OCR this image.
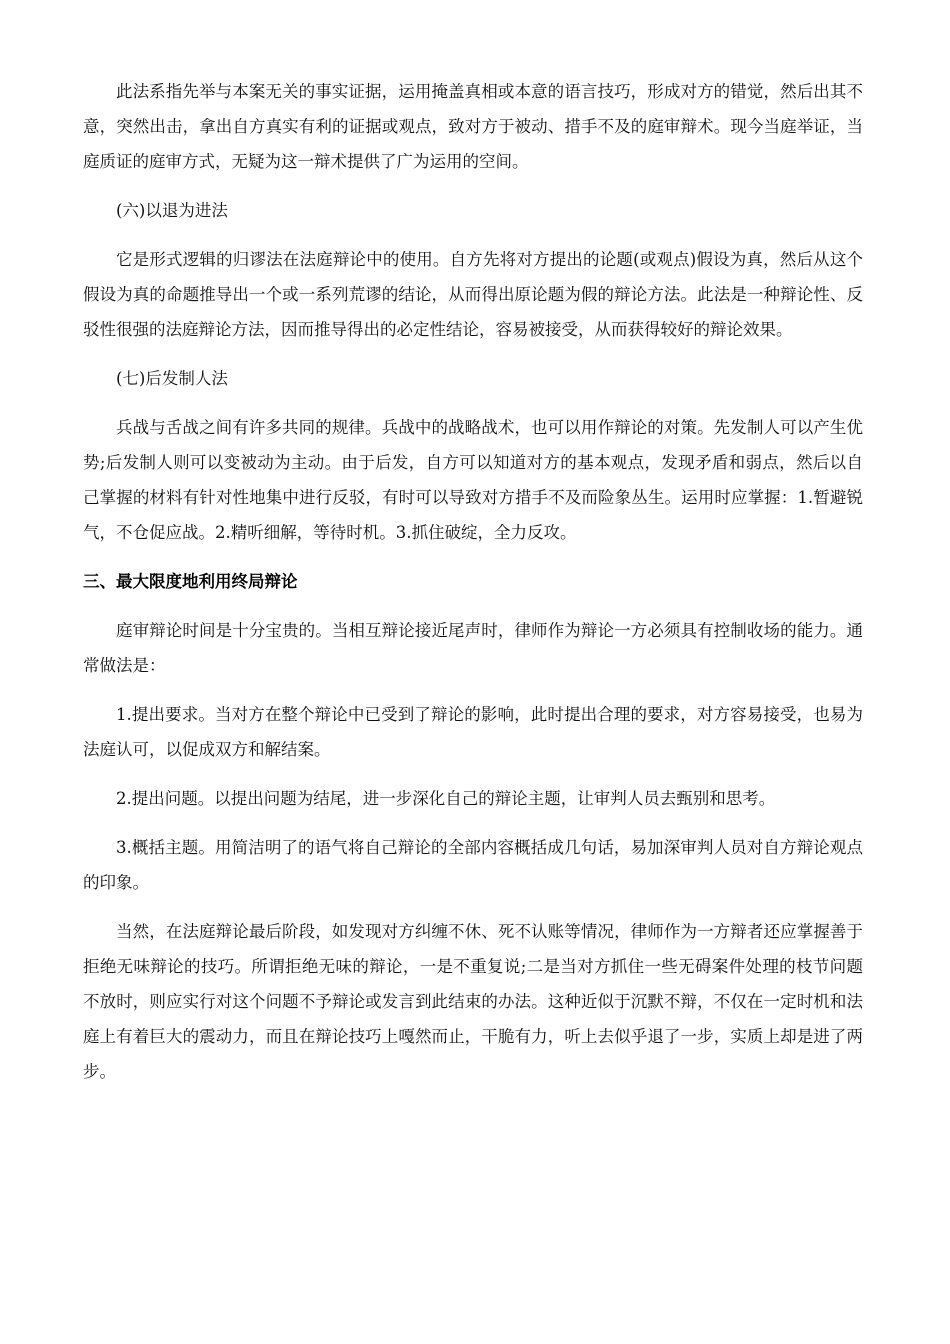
此法系指先举与本案无关的事实证据，运用掩盖真相或本意的语言技巧，形成对方的错觉，然后出其不意，突然出击，拿出自方真实有利的证据或观点，致对方于被动、措手不及的庭审辩术。现今当庭举证，当庭质证的庭审方式，无疑为这一辩术提供了广为运用的空间。

(六)以退为进法

它是形式逻辑的归谬法在法庭辩论中的使用。自方先将对方提出的论题(或观点)假设为真，然后从这个假设为真的命题推导出一个或一系列荒谬的结论，从而得出原论题为假的辩论方法。此法是一种辩论性、反驳性很强的法庭辩论方法，因而推导得出的必定性结论，容易被接受，从而获得较好的辩论效果。

(七)后发制人法

兵战与舌战之间有许多共同的规律。兵战中的战略战术，也可以用作辩论的对策。先发制人可以产生优势;后发制人则可以变被动为主动。由于后发，自方可以知道对方的基本观点，发现矛盾和弱点，然后以自己掌握的材料有针对性地集中进行反驳，有时可以导致对方措手不及而险象丛生。运用时应掌握：1.暂避锐气，不仓促应战。2.精听细解，等待时机。3.抓住破绽，全力反攻。

三、最大限度地利用终局辩论

庭审辩论时间是十分宝贵的。当相互辩论接近尾声时，律师作为辩论一方必须具有控制收场的能力。通常做法是：

1.提出要求。当对方在整个辩论中已受到了辩论的影响，此时提出合理的要求，对方容易接受，也易为法庭认可，以促成双方和解结案。

2.提出问题。以提出问题为结尾，进一步深化自己的辩论主题，让审判人员去甄别和思考。

3.概括主题。用简洁明了的语气将自己辩论的全部内容概括成几句话，易加深审判人员对自方辩论观点的印象。

当然，在法庭辩论最后阶段，如发现对方纠缠不休、死不认账等情况，律师作为一方辩者还应掌握善于拒绝无味辩论的技巧。所谓拒绝无味的辩论，一是不重复说;二是当对方抓住一些无碍案件处理的枝节问题不放时，则应实行对这个问题不予辩论或发言到此结束的办法。这种近似于沉默不辩，不仅在一定时机和法庭上有着巨大的震动力，而且在辩论技巧上嘎然而止，干脆有力，听上去似乎退了一步，实质上却是进了两步。
